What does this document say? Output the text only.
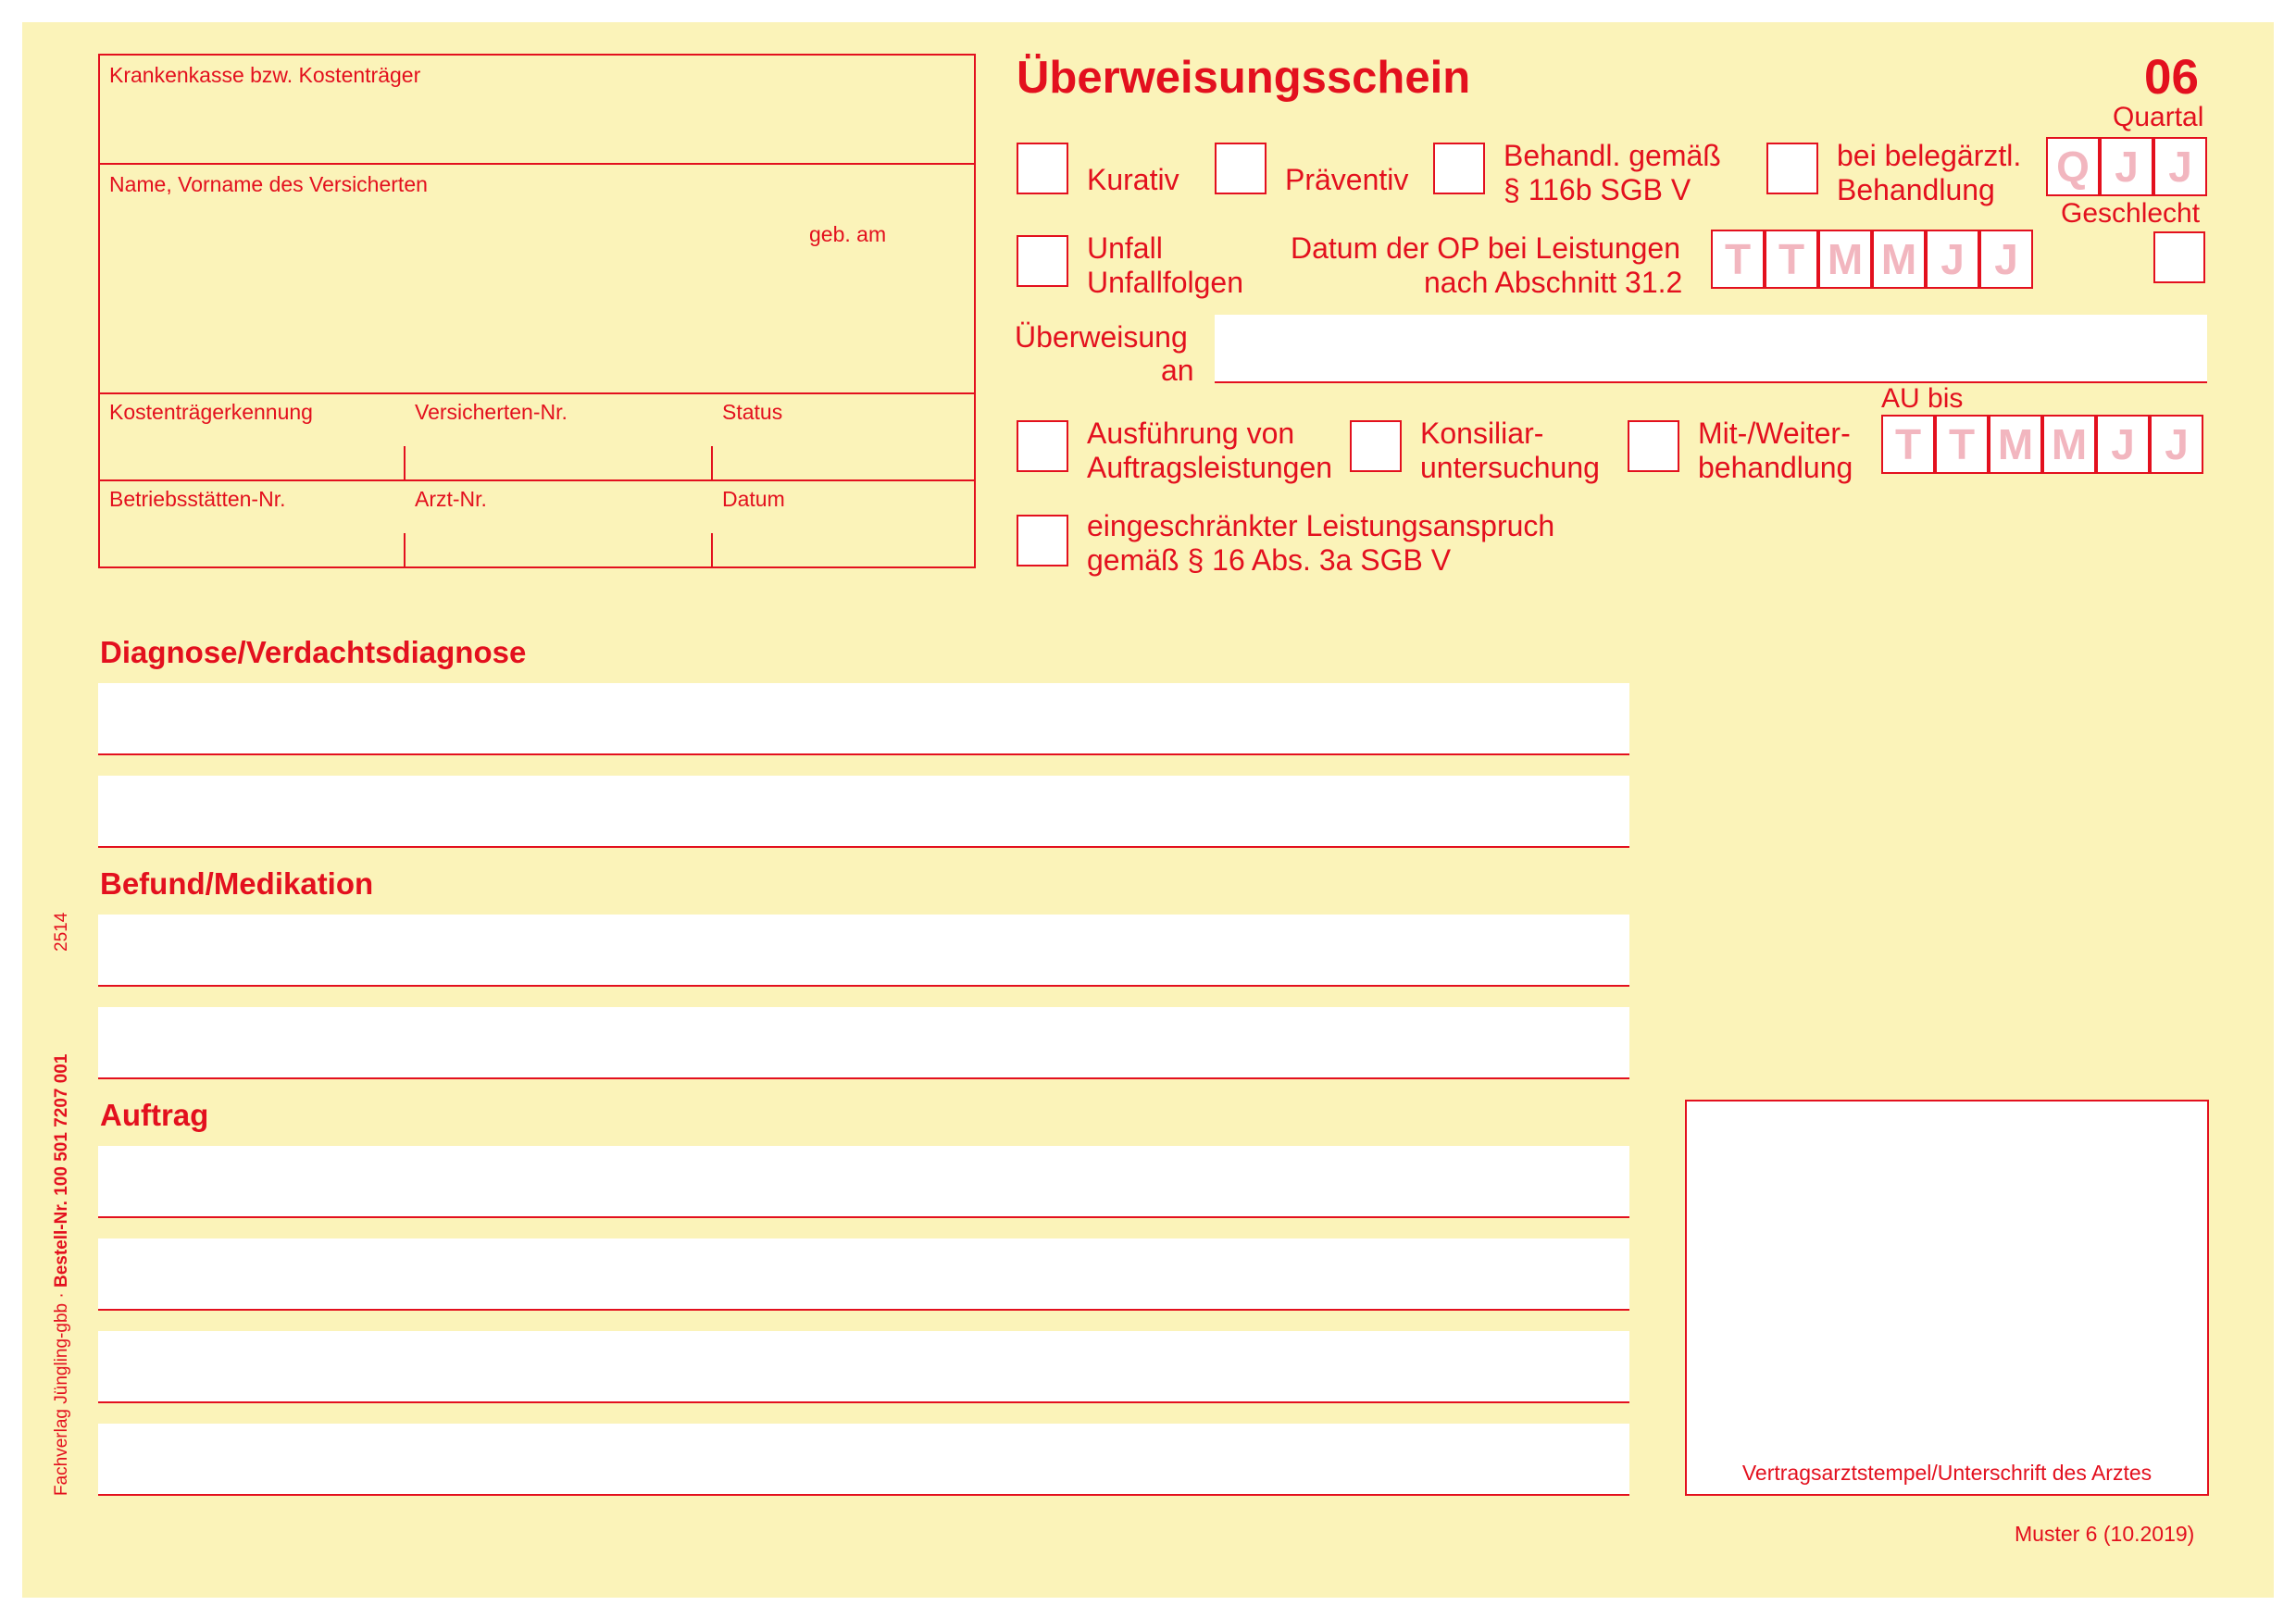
Krankenkasse bzw. Kostenträger
Name, Vorname des Versicherten
geb. am
Kostenträgerkennung	Versicherten-Nr.	Status
Betriebsstätten-Nr.	Arzt-Nr.	Datum
Überweisungsschein	06
Quartal
Q J J
Geschlecht
Kurativ	Präventiv
Behandl. gemäß
§ 116b SGB V
bei belegärztl.
Behandlung
Unfall
Unfallfolgen
Datum der OP bei Leistungen
nach Abschnitt 31.2 T T M M J J
Überweisung
an
AU bis
Ausführung von
Auftragsleistungen
Konsiliar-
untersuchung
Mit-/Weiter-
behandlung T T M M J J
eingeschränkter Leistungsanspruch
gemäß § 16 Abs. 3a SGB V
Diagnose/Verdachtsdiagnose
Befund/Medikation
Auftrag
Vertragsarztstempel/Unterschrift des Arztes
Muster 6 (10.2019)
Fachverlag Jüngling-gbb · Bestell-Nr. 100 501 7207 001
2514
